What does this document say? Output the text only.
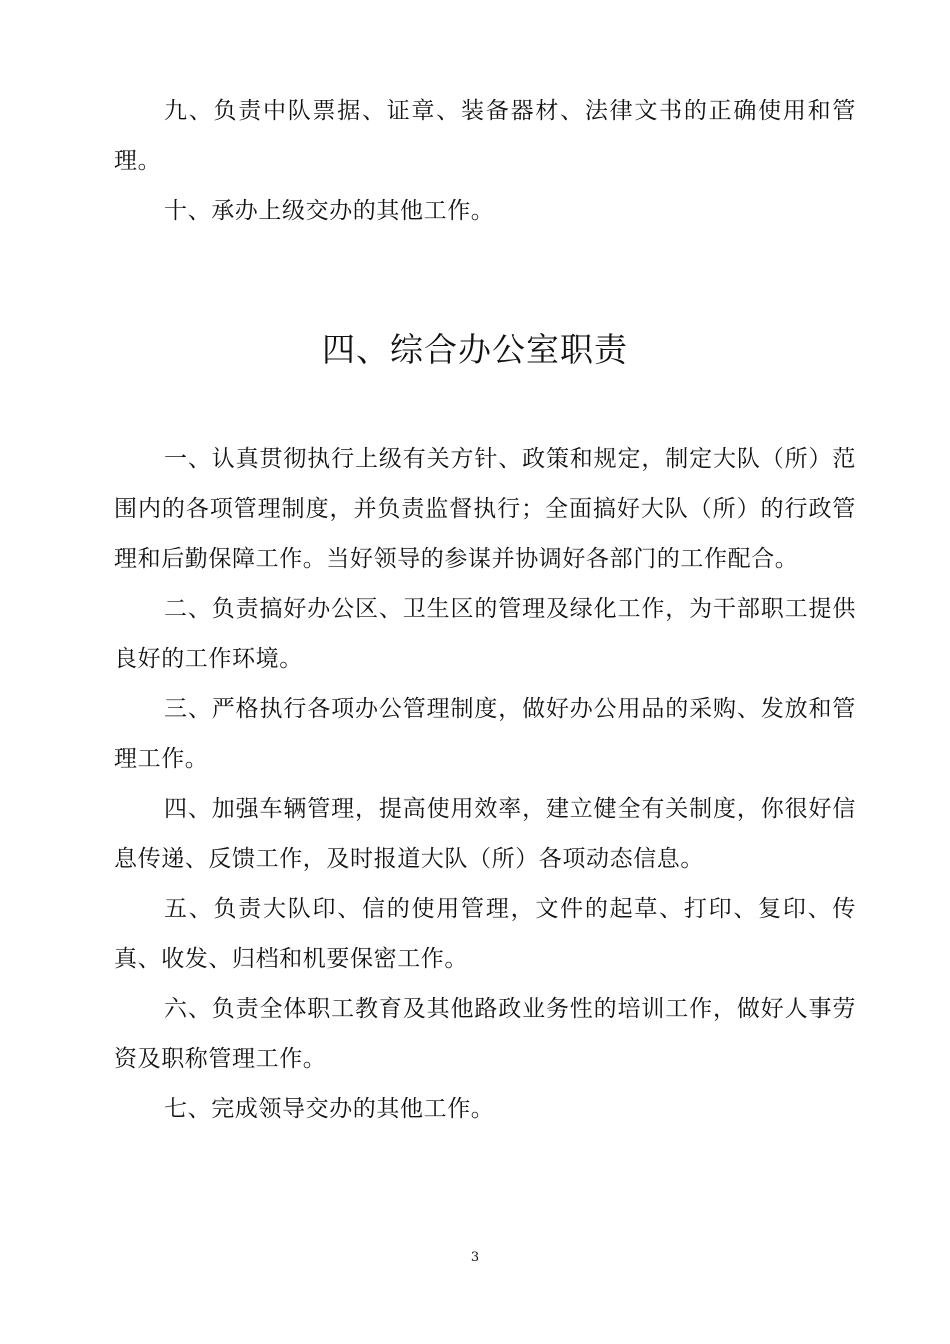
九、负责中队票据、证章、装备器材、法律文书的正确使用和管理。

十、承办上级交办的其他工作。

四、综合办公室职责

一、认真贯彻执行上级有关方针、政策和规定，制定大队（所）范围内的各项管理制度，并负责监督执行；全面搞好大队（所）的行政管理和后勤保障工作。当好领导的参谋并协调好各部门的工作配合。

二、负责搞好办公区、卫生区的管理及绿化工作，为干部职工提供良好的工作环境。

三、严格执行各项办公管理制度，做好办公用品的采购、发放和管理工作。

四、加强车辆管理，提高使用效率，建立健全有关制度，你很好信息传递、反馈工作，及时报道大队（所）各项动态信息。

五、负责大队印、信的使用管理，文件的起草、打印、复印、传真、收发、归档和机要保密工作。

六、负责全体职工教育及其他路政业务性的培训工作，做好人事劳资及职称管理工作。

七、完成领导交办的其他工作。

3
